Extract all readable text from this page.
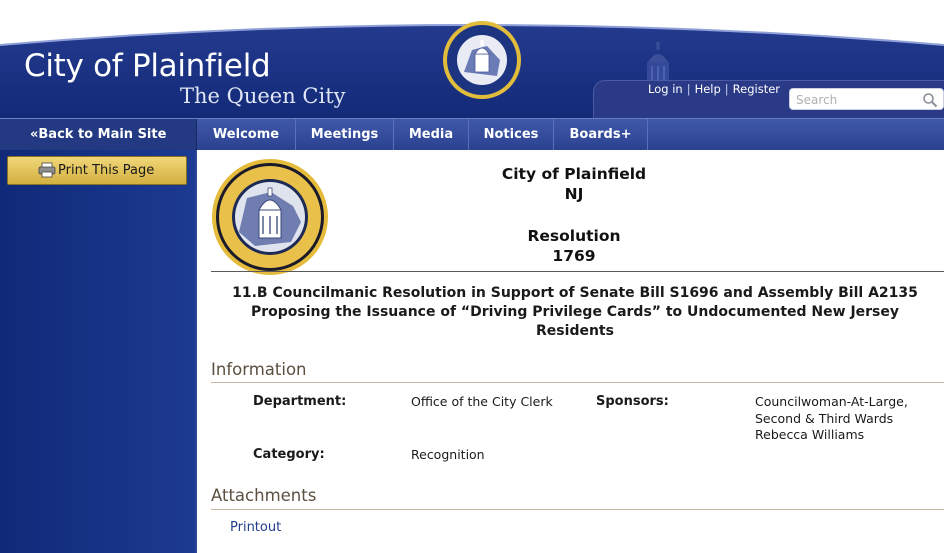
City of Plainfield
The Queen City	Log in | Help | Register
Search
«Back to Main Site	Welcome	Meetings	Media	Notices	Boards+
Print This Page	City of Plainfield
NJ
Resolution
1769
11.B Councilmanic Resolution in Support of Senate Bill S1696 and Assembly Bill A2135 Proposing the Issuance of “Driving Privilege Cards” to Undocumented New Jersey Residents
Information
Department:	Office of the City Clerk	Sponsors:	Councilwoman-At-Large,
Second & Third Wards
Rebecca Williams
Category:	Recognition
Attachments
Printout
